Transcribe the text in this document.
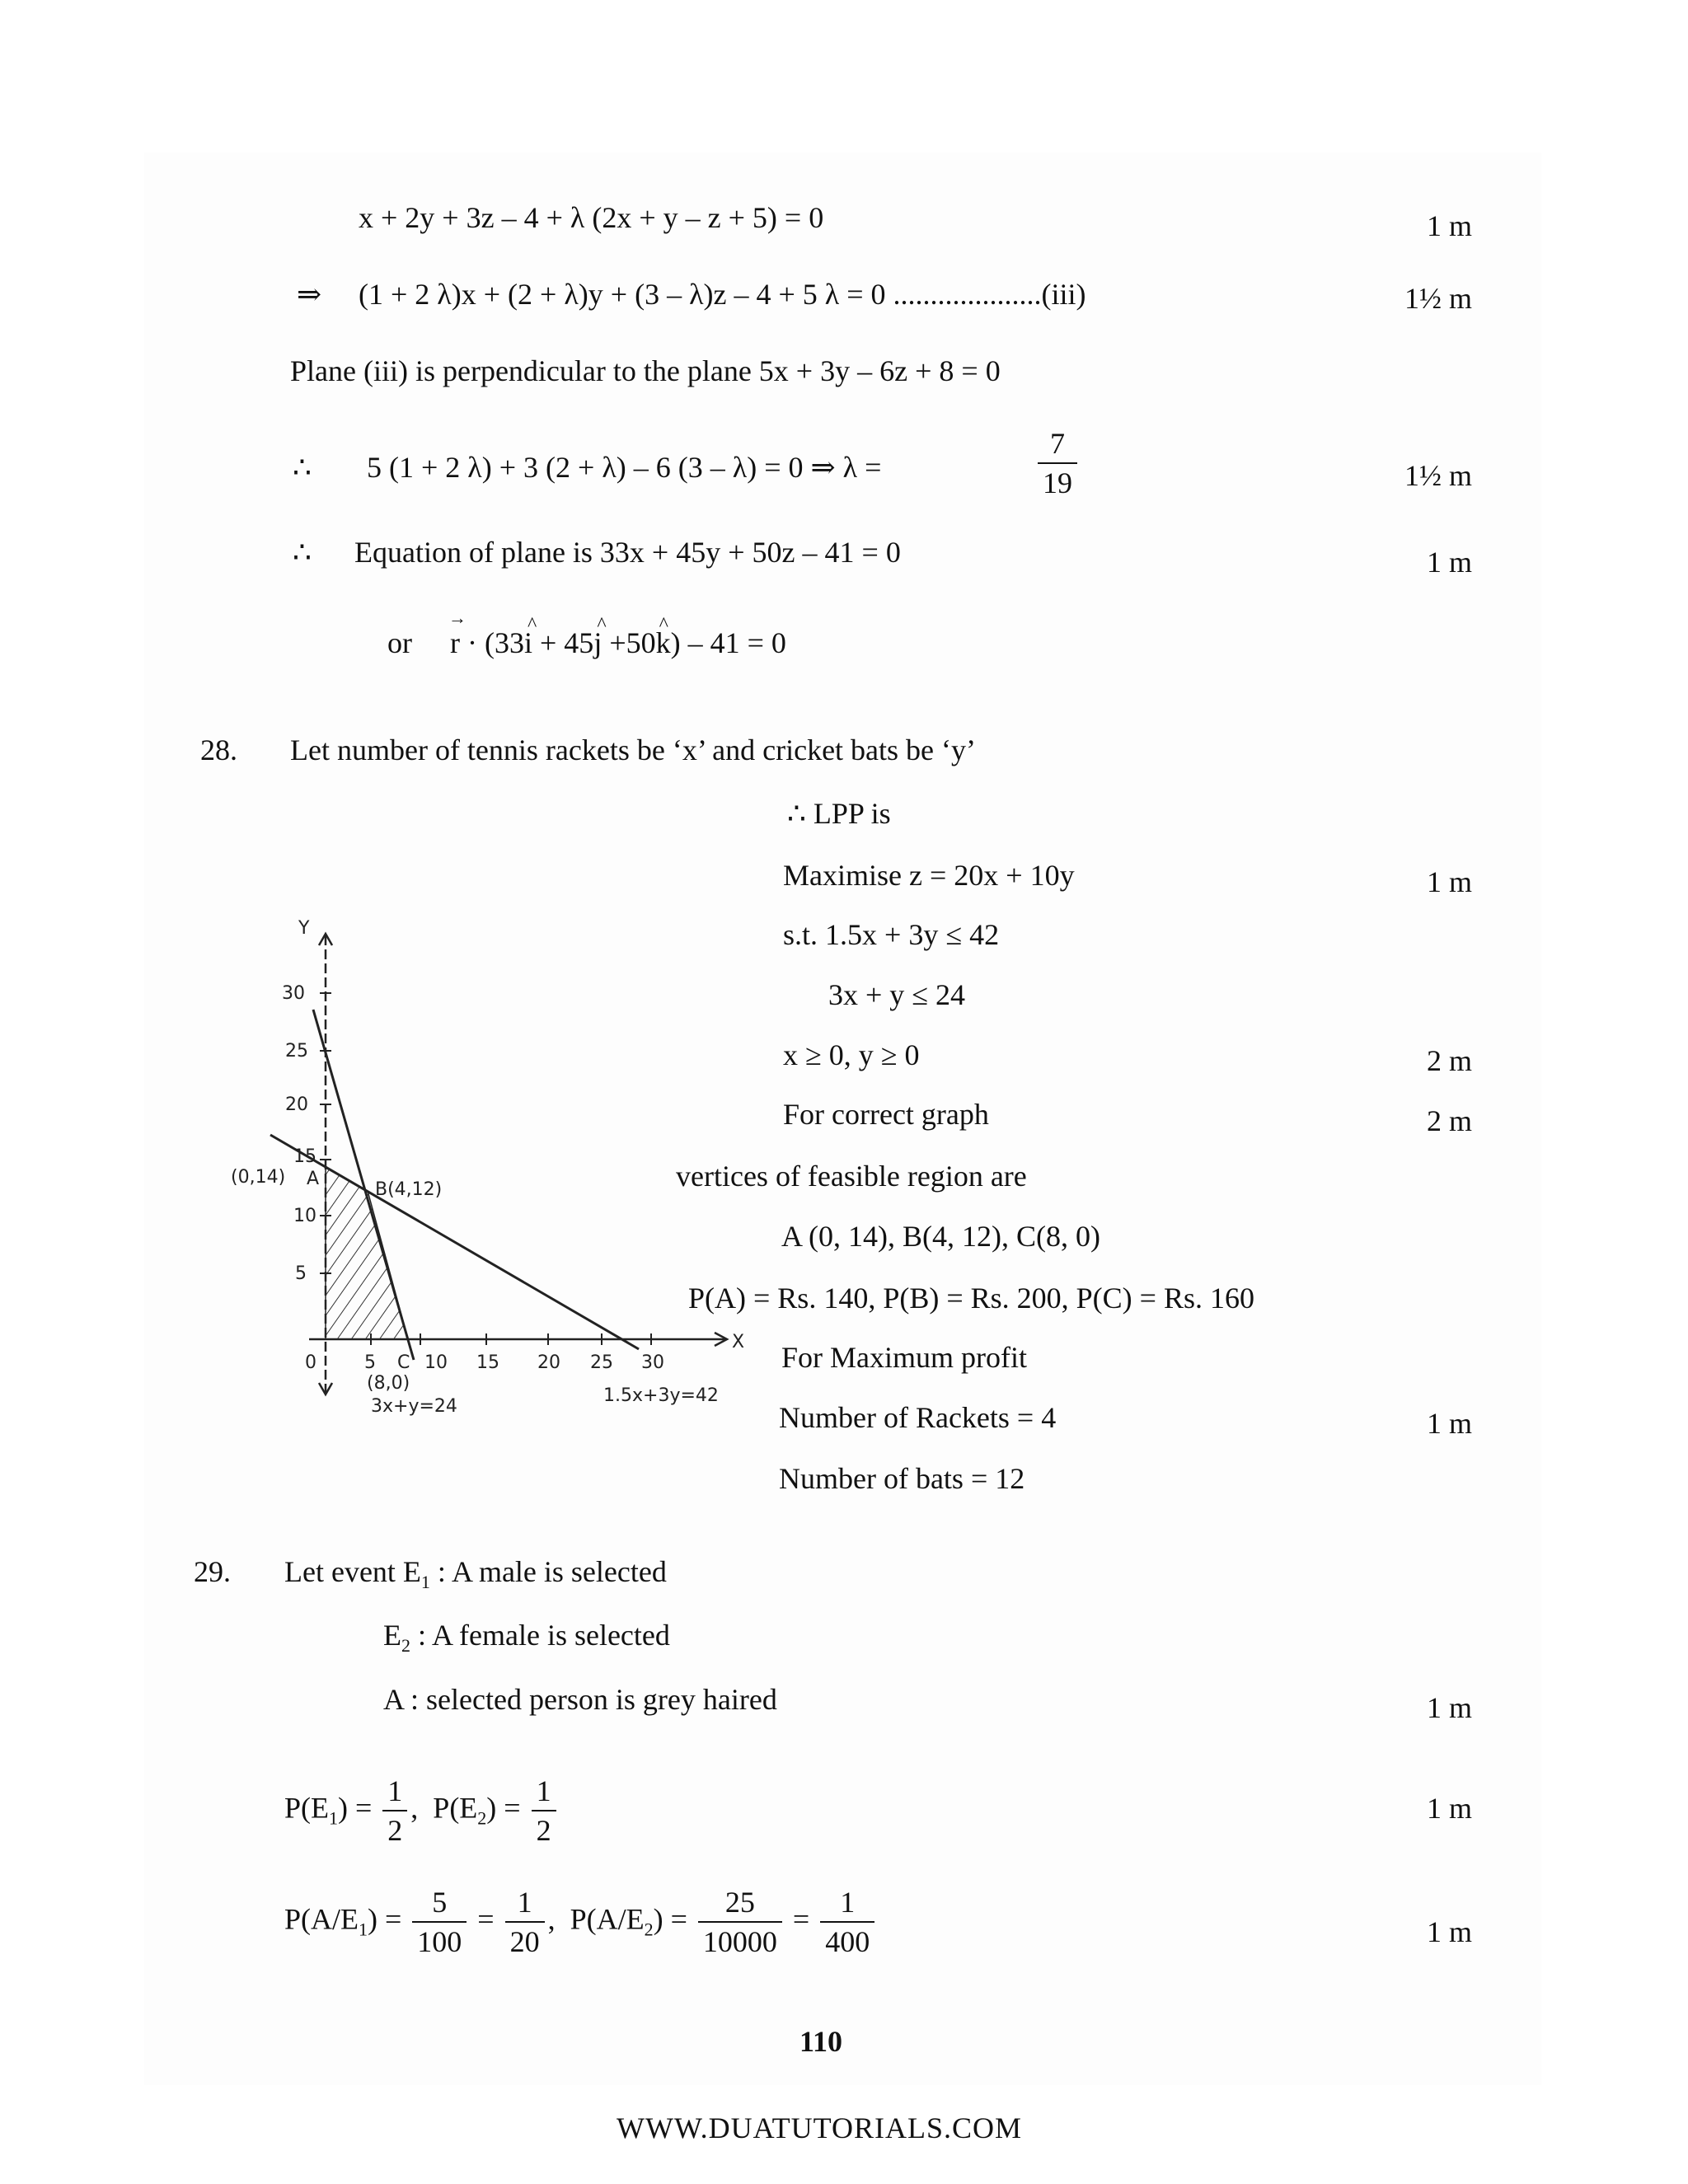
x + 2y + 3z – 4 + λ (2x + y – z + 5) = 0	1 m
⇒ (1 + 2 λ)x + (2 + λ)y + (3 – λ)z – 4 + 5 λ = 0 ....................(iii)	1½ m
Plane (iii) is perpendicular to the plane 5x + 3y – 6z + 8 = 0
∴ 5 (1 + 2 λ) + 3 (2 + λ) – 6 (3 – λ) = 0 ⇒ λ =	$\frac{7}{19}$	1½ m
∴ Equation of plane is 33x + 45y + 50z – 41 = 0	1 m
or  → r · (33^ i + 45^ j +50^ k) – 41 = 0
28. Let number of tennis rackets be ‘x’ and cricket bats be ‘y’
∴ LPP is
Maximise z = 20x + 10y	1 m
s.t. 1.5x + 3y ≤ 42
3x + y ≤ 24
x ≥ 0, y ≥ 0	2 m
For correct graph	2 m
vertices of feasible region are
A (0, 14), B(4, 12), C(8, 0)
P(A) = Rs. 140, P(B) = Rs. 200, P(C) = Rs. 160
For Maximum profit
Number of Rackets = 4	1 m
Number of bats = 12
Y
X
30
25
20
15
10
5
0	5	10 15 20 25 30
(0,14) A
B(4,12)
C
(8,0)
3x+y=24
1.5x+3y=42
29. Let event $E_1$ : A male is selected
$E_2$ : A female is selected
A : selected person is grey haired	1 m
$P(E_1) = \frac{1}{2}$ ,  $P(E_2) = \frac{1}{2}$	1 m
$P(A/E_1) = \frac{5}{100} = \frac{1}{20}$ ,  $P(A/E_2) = \frac{25}{10000} = \frac{1}{400}$	1 m
110
WWW.DUATUTORIALS.COM
